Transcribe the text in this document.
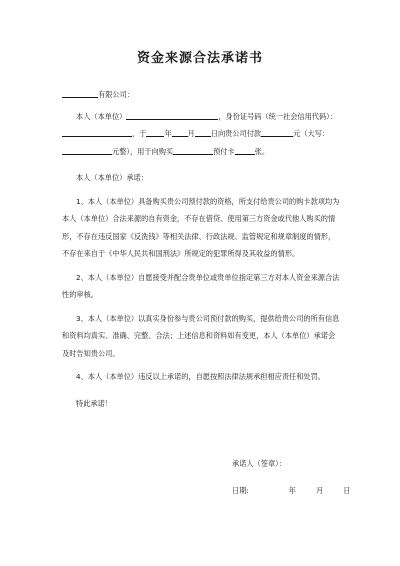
资金来源合法承诺书

有限公司：

本人（本单位）	，身份证号码（统一社会信用代码）：，于	年 月 日向贵公司付款	元（大写：元整），用于向购买	预付卡	张。

本人（本单位）承诺：

1、本人（本单位）具备购买贵公司预付款的资格，所支付给贵公司的购卡款项均为本人（本单位）合法来源的自有资金，不存在借贷、使用第三方资金或代他人购买的情形，不存在违反国家《反洗钱》等相关法律、行政法规、监管规定和规章制度的情形，不存在来自于《中华人民共和国刑法》所规定的犯罪所得及其收益的情形。

2、本人（本单位）自愿接受并配合贵单位或贵单位指定第三方对本人资金来源合法性的审核。

3、本人（本单位）以真实身份参与贵公司预付款的购买，提供给贵公司的所有信息和资料均真实、准确、完整、合法；上述信息和资料如有变更，本人（本单位）承诺会及时告知贵公司。

4、本人（本单位）违反以上承诺的，自愿按照法律法规承担相应责任和处罚。

特此承诺！

承诺人（签章）：

日期:	年	月	日
